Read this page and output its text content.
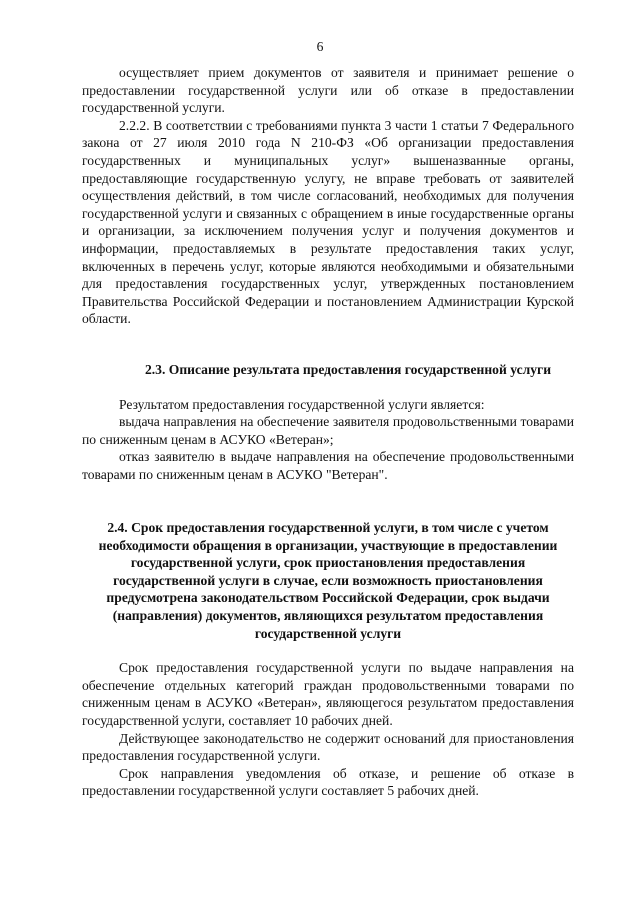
6

осуществляет прием документов от заявителя и принимает решение о предоставлении государственной услуги или об отказе в предоставлении государственной услуги.

2.2.2. В соответствии с требованиями пункта 3 части 1 статьи 7 Федерального закона от 27 июля 2010 года N 210-ФЗ «Об организации предоставления государственных и муниципальных услуг» вышеназванные органы, предоставляющие государственную услугу, не вправе требовать от заявителей осуществления действий, в том числе согласований, необходимых для получения государственной услуги и связанных с обращением в иные государственные органы и организации, за исключением получения услуг и получения документов и информации, предоставляемых в результате предоставления таких услуг, включенных в перечень услуг, которые являются необходимыми и обязательными для предоставления государственных услуг, утвержденных постановлением Правительства Российской Федерации и постановлением Администрации Курской области.

2.3. Описание результата предоставления государственной услуги

Результатом предоставления государственной услуги является:

выдача направления на обеспечение заявителя продовольственными товарами по сниженным ценам в АСУКО «Ветеран»;

отказ заявителю в выдаче направления на обеспечение продовольственными товарами по сниженным ценам в АСУКО "Ветеран".

2.4. Срок предоставления государственной услуги, в том числе с учетом необходимости обращения в организации, участвующие в предоставлении государственной услуги, срок приостановления предоставления государственной услуги в случае, если возможность приостановления предусмотрена законодательством Российской Федерации, срок выдачи (направления) документов, являющихся результатом предоставления государственной услуги

Срок предоставления государственной услуги по выдаче направления на обеспечение отдельных категорий граждан продовольственными товарами по сниженным ценам в АСУКО «Ветеран», являющегося результатом предоставления государственной услуги, составляет 10 рабочих дней.

Действующее законодательство не содержит оснований для приостановления предоставления государственной услуги.

Срок направления уведомления об отказе, и решение об отказе в предоставлении государственной услуги составляет 5 рабочих дней.
